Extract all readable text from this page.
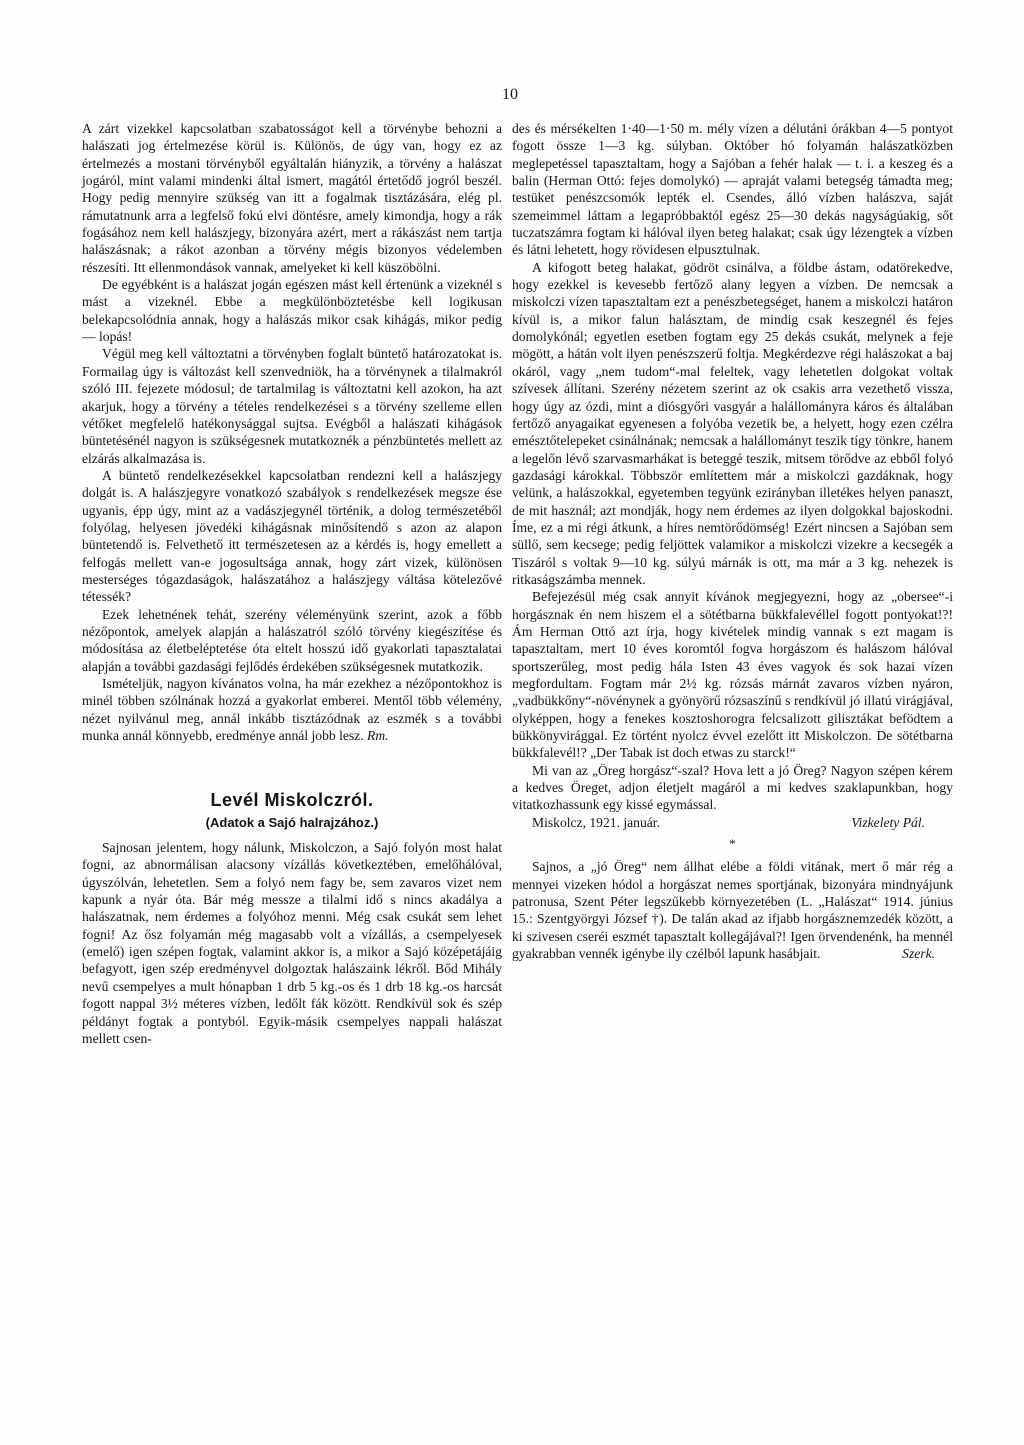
10

A zárt vizekkel kapcsolatban szabatosságot kell a törvénybe behozni a halászati jog értelmezése körül is. Különös, de úgy van, hogy ez az értelmezés a mostani törvényből egyáltalán hiányzik, a törvény a halászat jogáról, mint valami mindenki által ismert, magától értetődő jogról beszél. Hogy pedig mennyire szükség van itt a fogalmak tisztázására, elég pl. rámutatnunk arra a legfelső fokú elvi döntésre, amely kimondja, hogy a rák fogásához nem kell halászjegy, bizonyára azért, mert a rákászást nem tartja halászásnak; a rákot azonban a törvény mégis bizonyos védelemben részesíti. Itt ellenmondások vannak, amelyeket ki kell küszöbölni.

De egyébként is a halászat jogán egészen mást kell értenünk a vizeknél s mást a vizeknél. Ebbe a megkülönböztetésbe kell logikusan belekapcsolódnia annak, hogy a halászás mikor csak kihágás, mikor pedig — lopás!

Végül meg kell változtatni a törvényben foglalt büntető határozatokat is. Formailag úgy is változást kell szenvedniök, ha a törvénynek a tilalmakról szóló III. fejezete módosul; de tartalmilag is változtatni kell azokon, ha azt akarjuk, hogy a törvény a tételes rendelkezései s a törvény szelleme ellen vétőket megfelelő hatékonysággal sujtsa. Evégből a halászati kihágások büntetésénél nagyon is szükségesnek mutatkoznék a pénzbüntetés mellett az elzárás alkalmazása is.

A büntető rendelkezésekkel kapcsolatban rendezni kell a halászjegy dolgát is. A halászjegyre vonatkozó szabályok s rendelkezések megsze ése ugyanis, épp úgy, mint az a vadászjegynél történik, a dolog természetéből folyólag, helyesen jövedéki kihágásnak minősítendő s azon az alapon büntetendő is. Felvethető itt természetesen az a kérdés is, hogy emellett a felfogás mellett van-e jogosultsága annak, hogy zárt vizek, különösen mesterséges tógazdaságok, halászatához a halászjegy váltása kötelezővé tétessék?

Ezek lehetnének tehát, szerény véleményünk szerint, azok a főbb nézőpontok, amelyek alapján a halászatról szóló törvény kiegészítése és módosítása az életbeléptetése óta eltelt hosszú idő gyakorlati tapasztalatai alapján a további gazdasági fejlődés érdekében szükségesnek mutatkozik.

Ismételjük, nagyon kívánatos volna, ha már ezekhez a nézőpontokhoz is minél többen szólnának hozzá a gyakorlat emberei. Mentől több vélemény, nézet nyilvánul meg, annál inkább tisztázódnak az eszmék s a további munka annál könnyebb, eredménye annál jobb lesz. Rm.

Levél Miskolczról.
(Adatok a Sajó halrajzához.)

Sajnosan jelentem, hogy nálunk, Miskolczon, a Sajó folyón most halat fogni, az abnormálisan alacsony vízállás következtében, emelőhálóval, úgyszólván, lehetetlen. Sem a folyó nem fagy be, sem zavaros vizet nem kapunk a nyár óta. Bár még messze a tilalmi idő s nincs akadálya a halászatnak, nem érdemes a folyóhoz menni. Még csak csukát sem lehet fogni! Az ősz folyamán még magasabb volt a vízállás, a csempelyesek (emelő) igen szépen fogtak, valamint akkor is, a mikor a Sajó középetájáig befagyott, igen szép eredményvel dolgoztak halászaink lékről. Bőd Mihály nevű csempelyes a mult hónapban 1 drb 5 kg.-os és 1 drb 18 kg.-os harcsát fogott nappal 3½ méteres vízben, ledőlt fák között. Rendkívül sok és szép példányt fogtak a pontyból. Egyik-másik csempelyes nappali halászat mellett csen-

des és mérsékelten 1·40—1·50 m. mély vízen a délutáni órákban 4—5 pontyot fogott össze 1—3 kg. súlyban. Október hó folyamán halászatközben meglepetéssel tapasztaltam, hogy a Sajóban a fehér halak — t. i. a keszeg és a balin (Herman Ottó: fejes domolykó) — apraját valami betegség támadta meg; testüket penészcsomók lepték el. Csendes, álló vízben halászva, saját szemeimmel láttam a legapróbbaktól egész 25—30 dekás nagyságúakig, sőt tuczatszámra fogtam ki hálóval ilyen beteg halakat; csak úgy lézengtek a vízben és látni lehetett, hogy rövidesen elpusztulnak.

A kifogott beteg halakat, gödröt csinálva, a földbe ástam, odatörekedve, hogy ezekkel is kevesebb fertőző alany legyen a vízben. De nemcsak a miskolczi vízen tapasztaltam ezt a penészbetegséget, hanem a miskolczi határon kívül is, a mikor falun halásztam, de mindig csak keszegnél és fejes domolykónál; egyetlen esetben fogtam egy 25 dekás csukát, melynek a feje mögött, a hátán volt ilyen penészszerű foltja. Megkérdezve régi halászokat a baj okáról, vagy „nem tudom“-mal feleltek, vagy lehetetlen dolgokat voltak szívesek állítani. Szerény nézetem szerint az ok csakis arra vezethető vissza, hogy úgy az ózdi, mint a diósgyőri vasgyár a halállományra káros és általában fertőző anyagaikat egyenesen a folyóba vezetik be, a helyett, hogy ezen czélra emésztőtelepeket csinálnának; nemcsak a halállományt teszik tígy tönkre, hanem a legelőn lévő szarvasmarhákat is beteggé teszik, mitsem törődve az ebből folyó gazdasági károkkal. Többször említettem már a miskolczi gazdáknak, hogy velünk, a halászokkal, egyetemben tegyünk ezirányban illetékes helyen panaszt, de mit használ; azt mondják, hogy nem érdemes az ilyen dolgokkal bajoskodni. Íme, ez a mi régi átkunk, a híres nemtörődömség! Ezért nincsen a Sajóban sem süllő, sem kecsege; pedig feljöttek valamikor a miskolczi vizekre a kecsegék a Tiszáról s voltak 9—10 kg. súlyú márnák is ott, ma már a 3 kg. nehezek is ritkaságszámba mennek.

Befejezésül még csak annyit kívánok megjegyezni, hogy az „obersee“-i horgásznak én nem hiszem el a sötétbarna bükkfalevéllel fogott pontyokat!?! Ám Herman Ottó azt írja, hogy kivételek mindig vannak s ezt magam is tapasztaltam, mert 10 éves koromtól fogva horgászom és halászom hálóval sportszerűleg, most pedig hála Isten 43 éves vagyok és sok hazai vízen megfordultam. Fogtam már 2½ kg. rózsás márnát zavaros vízben nyáron, „vadbükkőny“-növénynek a gyönyörű rózsaszínű s rendkívül jó illatú virágjával, olyképpen, hogy a fenekes kosztoshorogra felcsalizott gilisztákat befödtem a bükkönyvirággal. Ez történt nyolcz évvel ezelőtt itt Miskolczon. De sötétbarna bükkfalevél!? „Der Tabak ist doch etwas zu starck!“

Mi van az „Öreg horgász“-szal? Hova lett a jó Öreg? Nagyon szépen kérem a kedves Öreget, adjon életjelt magáról a mi kedves szaklapunkban, hogy vitatkozhassunk egy kissé egymással.

Miskolcz, 1921. január.	Vizkelety Pál.
*

Sajnos, a „jó Öreg“ nem állhat elébe a földi vitának, mert ő már rég a mennyei vizeken hódol a horgászat nemes sportjának, bizonyára mindnyájunk patronusa, Szent Péter legszűkebb környezetében (L. „Halászat“ 1914. június 15.: Szentgyörgyi József †). De talán akad az ifjabb horgásznemzedék között, a ki szivesen cseréi eszmét tapasztalt kollegájával?! Igen örvendenénk, ha mennél gyakrabban vennék igénybe ily czélból lapunk hasábjait.	Szerk.
